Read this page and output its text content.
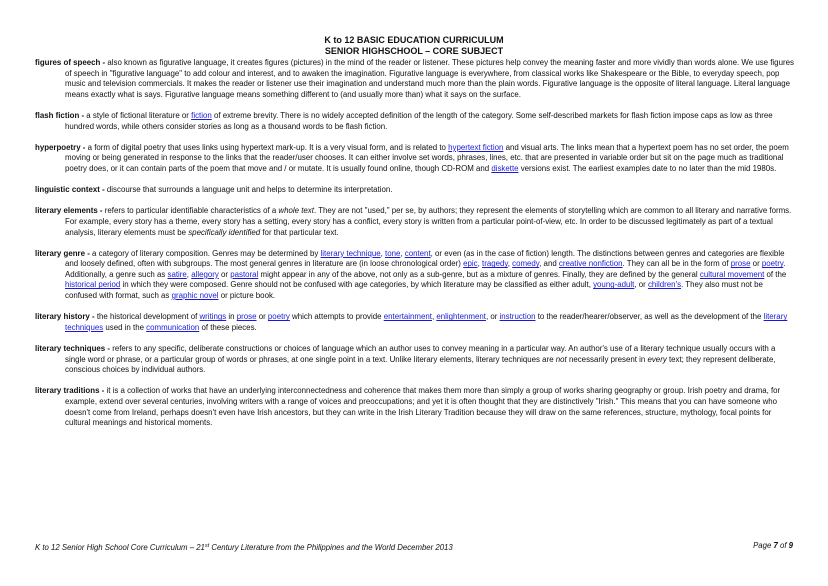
K to 12 BASIC EDUCATION CURRICULUM
SENIOR HIGHSCHOOL – CORE SUBJECT

figures of speech - also known as figurative language, it creates figures (pictures) in the mind of the reader or listener. These pictures help convey the meaning faster and more vividly than words alone. We use figures of speech in "figurative language" to add colour and interest, and to awaken the imagination. Figurative language is everywhere, from classical works like Shakespeare or the Bible, to everyday speech, pop music and television commercials. It makes the reader or listener use their imagination and understand much more than the plain words. Figurative language is the opposite of literal language. Literal language means exactly what is says. Figurative language means something different to (and usually more than) what it says on the surface.

flash fiction - a style of fictional literature or fiction of extreme brevity. There is no widely accepted definition of the length of the category. Some self-described markets for flash fiction impose caps as low as three hundred words, while others consider stories as long as a thousand words to be flash fiction.

hyperpoetry - a form of digital poetry that uses links using hypertext mark-up. It is a very visual form, and is related to hypertext fiction and visual arts. The links mean that a hypertext poem has no set order, the poem moving or being generated in response to the links that the reader/user chooses. It can either involve set words, phrases, lines, etc. that are presented in variable order but sit on the page much as traditional poetry does, or it can contain parts of the poem that move and / or mutate. It is usually found online, though CD-ROM and diskette versions exist. The earliest examples date to no later than the mid 1980s.

linguistic context - discourse that surrounds a language unit and helps to determine its interpretation.

literary elements - refers to particular identifiable characteristics of a whole text. They are not "used," per se, by authors; they represent the elements of storytelling which are common to all literary and narrative forms. For example, every story has a theme, every story has a setting, every story has a conflict, every story is written from a particular point-of-view, etc. In order to be discussed legitimately as part of a textual analysis, literary elements must be specifically identified for that particular text.

literary genre - a category of literary composition. Genres may be determined by literary technique, tone, content, or even (as in the case of fiction) length. The distinctions between genres and categories are flexible and loosely defined, often with subgroups. The most general genres in literature are (in loose chronological order) epic, tragedy, comedy, and creative nonfiction. They can all be in the form of prose or poetry. Additionally, a genre such as satire, allegory or pastoral might appear in any of the above, not only as a sub-genre, but as a mixture of genres. Finally, they are defined by the general cultural movement of the historical period in which they were composed. Genre should not be confused with age categories, by which literature may be classified as either adult, young-adult, or children's. They also must not be confused with format, such as graphic novel or picture book.

literary history - the historical development of writings in prose or poetry which attempts to provide entertainment, enlightenment, or instruction to the reader/hearer/observer, as well as the development of the literary techniques used in the communication of these pieces.

literary techniques - refers to any specific, deliberate constructions or choices of language which an author uses to convey meaning in a particular way. An author's use of a literary technique usually occurs with a single word or phrase, or a particular group of words or phrases, at one single point in a text. Unlike literary elements, literary techniques are not necessarily present in every text; they represent deliberate, conscious choices by individual authors.

literary traditions - it is a collection of works that have an underlying interconnectedness and coherence that makes them more than simply a group of works sharing geography or group. Irish poetry and drama, for example, extend over several centuries, involving writers with a range of voices and preoccupations; and yet it is often thought that they are distinctively "Irish." This means that you can have someone who doesn't come from Ireland, perhaps doesn't even have Irish ancestors, but they can write in the Irish Literary Tradition because they will draw on the same references, structure, mythology, focal points for cultural meanings and historical moments.

K to 12 Senior High School Core Curriculum – 21st Century Literature from the Philippines and the World December 2013	Page 7 of 9
